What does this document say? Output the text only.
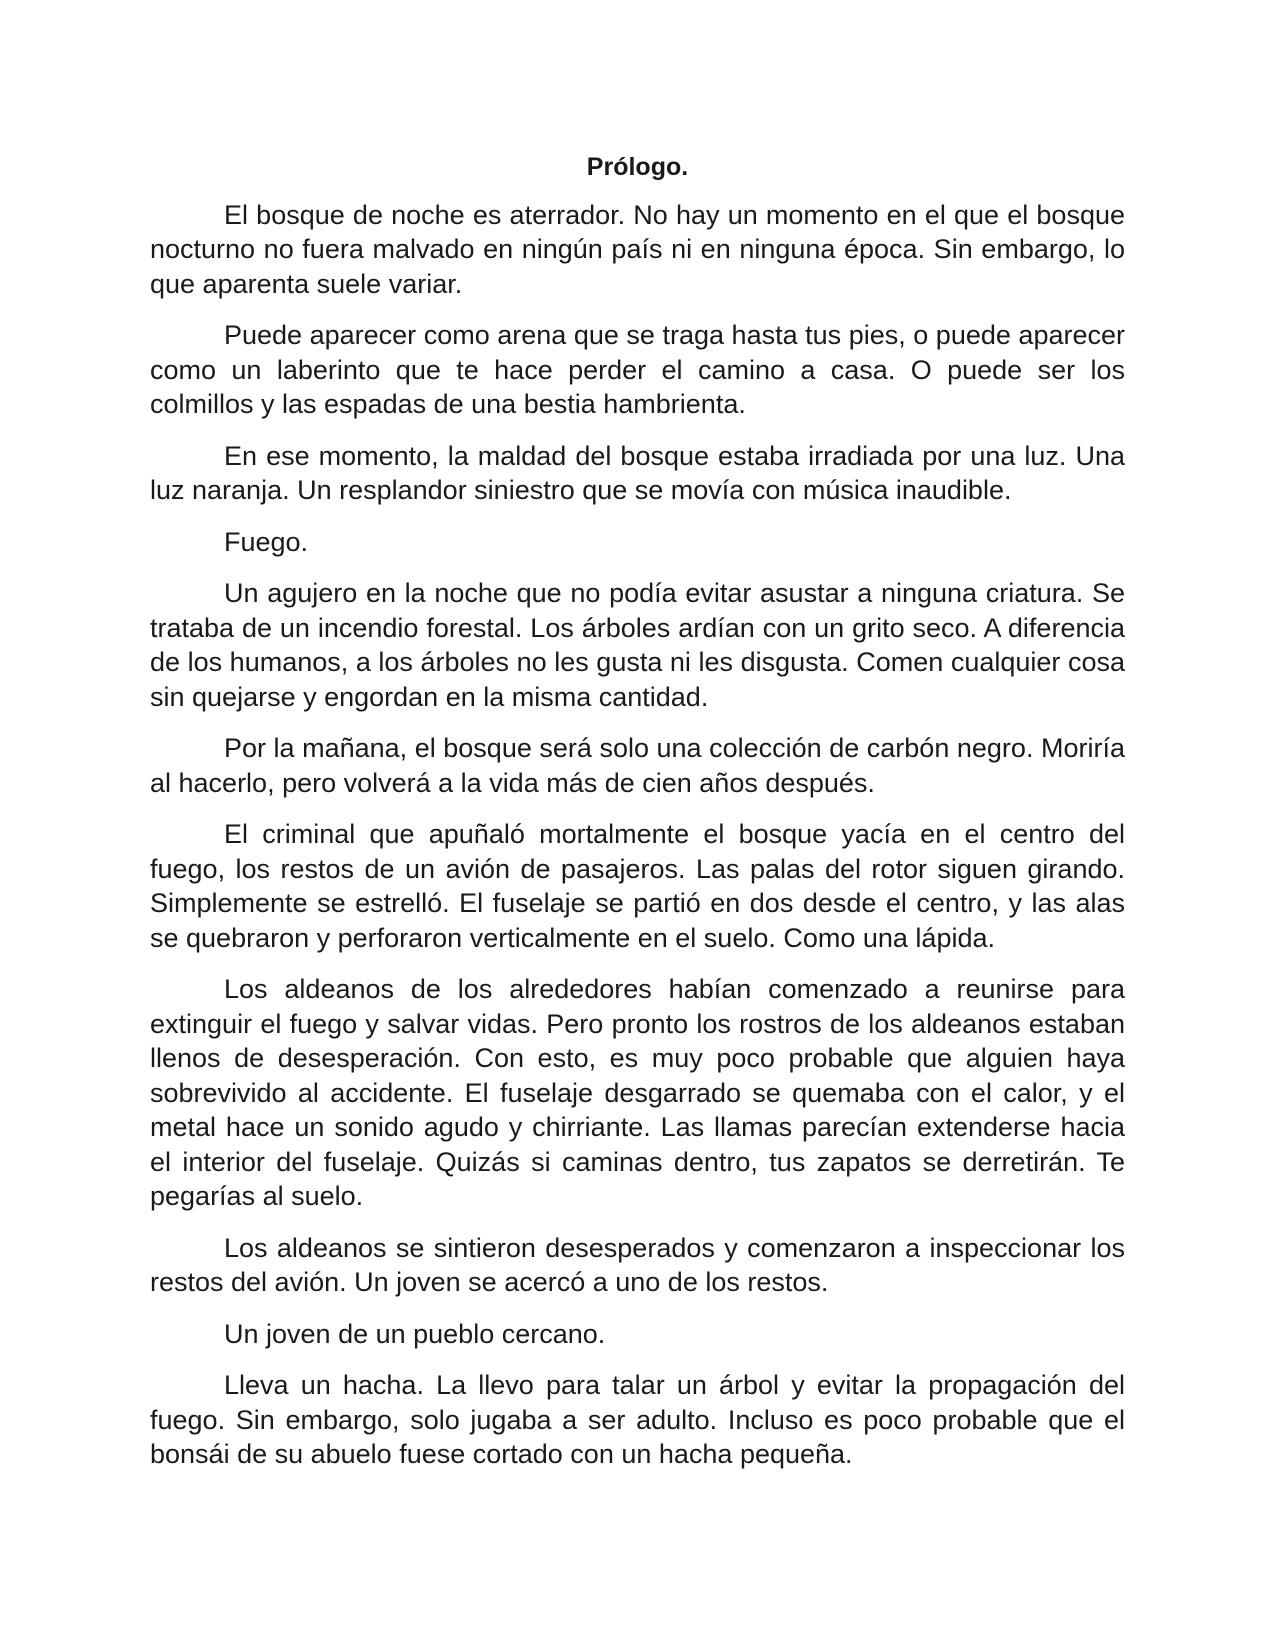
Prólogo.

El bosque de noche es aterrador. No hay un momento en el que el bosque nocturno no fuera malvado en ningún país ni en ninguna época. Sin embargo, lo que aparenta suele variar.

Puede aparecer como arena que se traga hasta tus pies, o puede aparecer como un laberinto que te hace perder el camino a casa. O puede ser los colmillos y las espadas de una bestia hambrienta.

En ese momento, la maldad del bosque estaba irradiada por una luz. Una luz naranja. Un resplandor siniestro que se movía con música inaudible.

Fuego.

Un agujero en la noche que no podía evitar asustar a ninguna criatura. Se trataba de un incendio forestal. Los árboles ardían con un grito seco. A diferencia de los humanos, a los árboles no les gusta ni les disgusta. Comen cualquier cosa sin quejarse y engordan en la misma cantidad.

Por la mañana, el bosque será solo una colección de carbón negro. Moriría al hacerlo, pero volverá a la vida más de cien años después.

El criminal que apuñaló mortalmente el bosque yacía en el centro del fuego, los restos de un avión de pasajeros. Las palas del rotor siguen girando. Simplemente se estrelló. El fuselaje se partió en dos desde el centro, y las alas se quebraron y perforaron verticalmente en el suelo. Como una lápida.

Los aldeanos de los alrededores habían comenzado a reunirse para extinguir el fuego y salvar vidas. Pero pronto los rostros de los aldeanos estaban llenos de desesperación. Con esto, es muy poco probable que alguien haya sobrevivido al accidente. El fuselaje desgarrado se quemaba con el calor, y el metal hace un sonido agudo y chirriante. Las llamas parecían extenderse hacia el interior del fuselaje. Quizás si caminas dentro, tus zapatos se derretirán. Te pegarías al suelo.

Los aldeanos se sintieron desesperados y comenzaron a inspeccionar los restos del avión. Un joven se acercó a uno de los restos.

Un joven de un pueblo cercano.

Lleva un hacha. La llevo para talar un árbol y evitar la propagación del fuego. Sin embargo, solo jugaba a ser adulto. Incluso es poco probable que el bonsái de su abuelo fuese cortado con un hacha pequeña.
